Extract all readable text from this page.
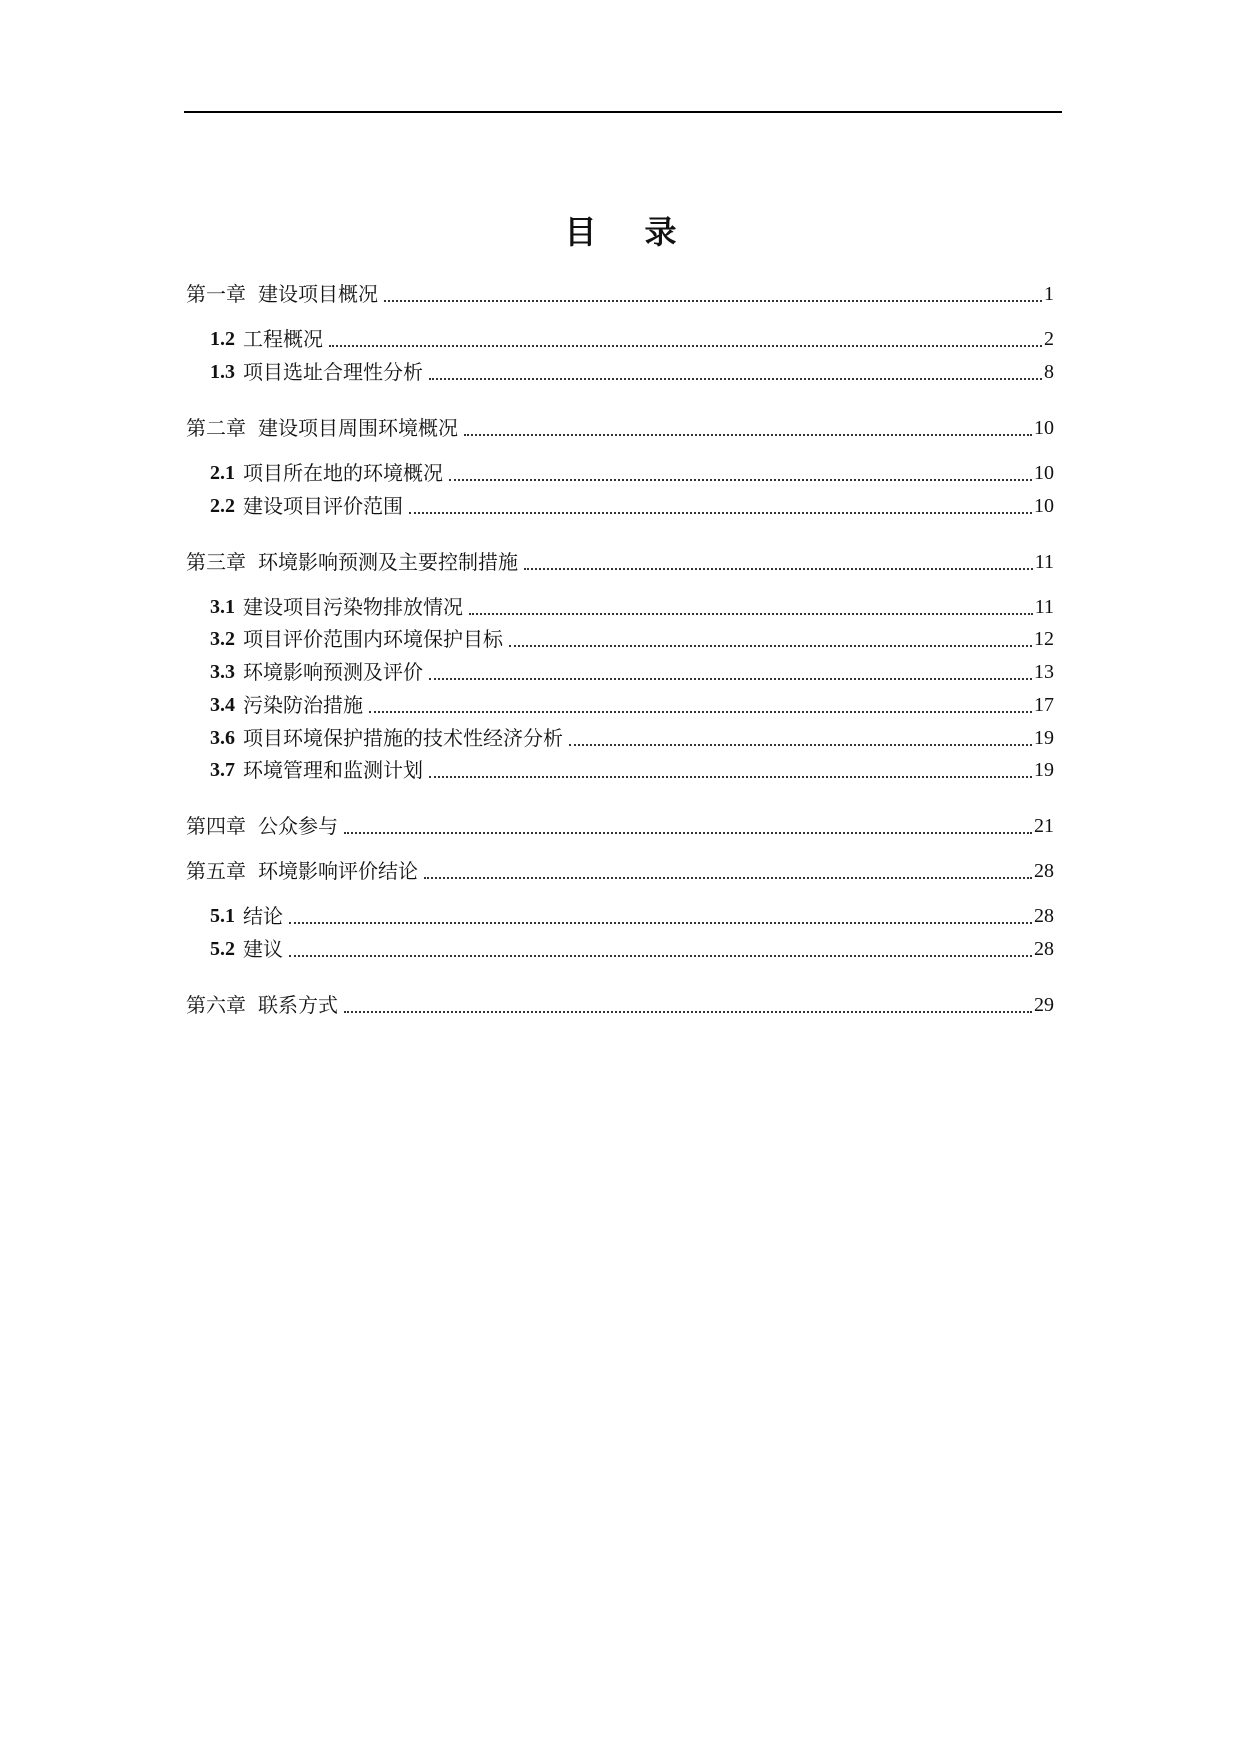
目 录
第一章 建设项目概况	1
1.2 工程概况	2
1.3 项目选址合理性分析	8
第二章 建设项目周围环境概况	10
2.1 项目所在地的环境概况	10
2.2 建设项目评价范围	10
第三章 环境影响预测及主要控制措施	11
3.1 建设项目污染物排放情况	11
3.2 项目评价范围内环境保护目标	12
3.3 环境影响预测及评价	13
3.4 污染防治措施	17
3.6 项目环境保护措施的技术性经济分析	19
3.7 环境管理和监测计划	19
第四章 公众参与	21
第五章 环境影响评价结论	28
5.1 结论	28
5.2 建议	28
第六章 联系方式	29
